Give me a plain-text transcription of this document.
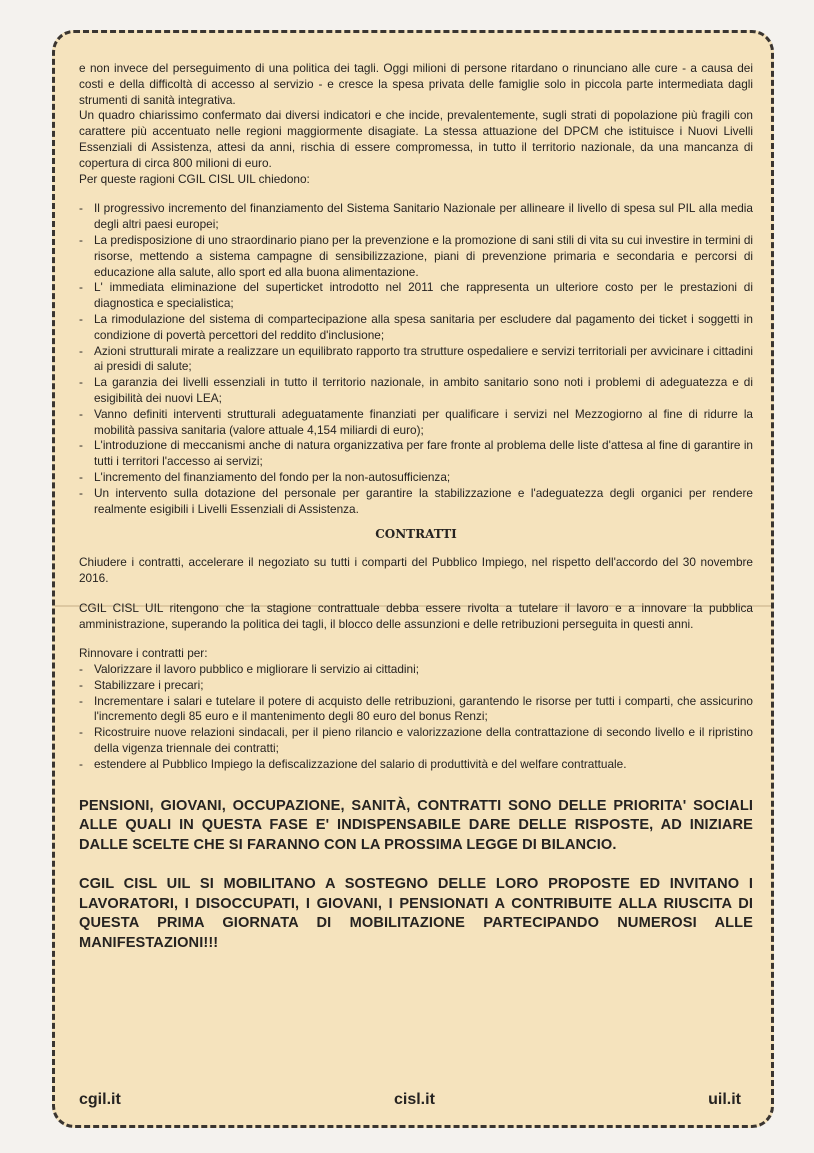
e non invece del perseguimento di una politica dei tagli. Oggi milioni di persone ritardano o rinunciano alle cure - a causa dei costi e della difficoltà di accesso al servizio - e cresce la spesa privata delle famiglie solo in piccola parte intermediata dagli strumenti di sanità integrativa.

Un quadro chiarissimo confermato dai diversi indicatori e che incide, prevalentemente, sugli strati di popolazione più fragili con carattere più accentuato nelle regioni maggiormente disagiate. La stessa attuazione del DPCM che istituisce i Nuovi Livelli Essenziali di Assistenza, attesi da anni, rischia di essere compromessa, in tutto il territorio nazionale, da una mancanza di copertura di circa 800 milioni di euro.

Per queste ragioni CGIL CISL UIL chiedono:

- Il progressivo incremento del finanziamento del Sistema Sanitario Nazionale per allineare il livello di spesa sul PIL alla media degli altri paesi europei;
- La predisposizione di uno straordinario piano per la prevenzione e la promozione di sani stili di vita su cui investire in termini di risorse, mettendo a sistema campagne di sensibilizzazione, piani di prevenzione primaria e secondaria e percorsi di educazione alla salute, allo sport ed alla buona alimentazione.
- L' immediata eliminazione del superticket introdotto nel 2011 che rappresenta un ulteriore costo per le prestazioni di diagnostica e specialistica;
- La rimodulazione del sistema di compartecipazione alla spesa sanitaria per escludere dal pagamento dei ticket i soggetti in condizione di povertà percettori del reddito d'inclusione;
- Azioni strutturali mirate a realizzare un equilibrato rapporto tra strutture ospedaliere e servizi territoriali per avvicinare i cittadini ai presidi di salute;
- La garanzia dei livelli essenziali in tutto il territorio nazionale, in ambito sanitario sono noti i problemi di adeguatezza e di esigibilità dei nuovi LEA;
- Vanno definiti interventi strutturali adeguatamente finanziati per qualificare i servizi nel Mezzogiorno al fine di ridurre la mobilità passiva sanitaria (valore attuale 4,154 miliardi di euro);
- L'introduzione di meccanismi anche di natura organizzativa per fare fronte al problema delle liste d'attesa al fine di garantire in tutti i territori l'accesso ai servizi;
- L'incremento del finanziamento del fondo per la non-autosufficienza;
- Un intervento sulla dotazione del personale per garantire la stabilizzazione e l'adeguatezza degli organici per rendere realmente esigibili i Livelli Essenziali di Assistenza.
CONTRATTI

Chiudere i contratti, accelerare il negoziato su tutti i comparti del Pubblico Impiego, nel rispetto dell'accordo del 30 novembre 2016.

CGIL CISL UIL ritengono che la stagione contrattuale debba essere rivolta a tutelare il lavoro e a innovare la pubblica amministrazione, superando la politica dei tagli, il blocco delle assunzioni e delle retribuzioni perseguita in questi anni.

Rinnovare i contratti per:

- Valorizzare il lavoro pubblico e migliorare li servizio ai cittadini;
- Stabilizzare i precari;
- Incrementare i salari e tutelare il potere di acquisto delle retribuzioni, garantendo le risorse per tutti i comparti, che assicurino l'incremento degli 85 euro e il mantenimento degli 80 euro del bonus Renzi;
- Ricostruire nuove relazioni sindacali, per il pieno rilancio e valorizzazione della contrattazione di secondo livello e il ripristino della vigenza triennale dei contratti;
- estendere al Pubblico Impiego la defiscalizzazione del salario di produttività e del welfare contrattuale.

PENSIONI, GIOVANI, OCCUPAZIONE, SANITÀ, CONTRATTI SONO DELLE PRIORITA' SOCIALI ALLE QUALI IN QUESTA FASE E' INDISPENSABILE DARE DELLE RISPOSTE, AD INIZIARE DALLE SCELTE CHE SI FARANNO CON LA PROSSIMA LEGGE DI BILANCIO.

CGIL CISL UIL SI MOBILITANO A SOSTEGNO DELLE LORO PROPOSTE ED INVITANO I LAVORATORI, I DISOCCUPATI, I GIOVANI, I PENSIONATI A CONTRIBUITE ALLA RIUSCITA DI QUESTA PRIMA GIORNATA DI MOBILITAZIONE PARTECIPANDO NUMEROSI ALLE MANIFESTAZIONI!!!

cgil.it	cisl.it	uil.it
